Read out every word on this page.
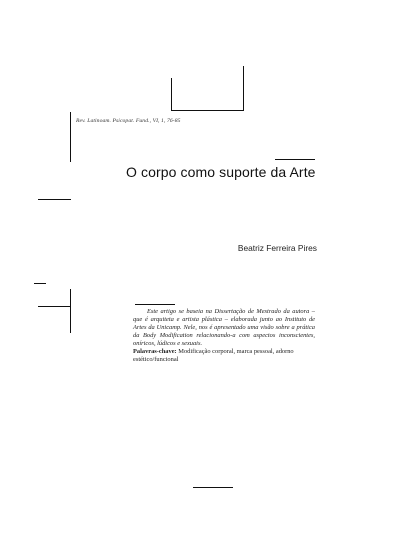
Rev. Latinoam. Psicopat. Fund., VI, 1, 76-85
O corpo como suporte da Arte
Beatriz Ferreira Pires

Este artigo se baseia na Dissertação de Mestrado da autora – que é arquiteta e artista plástica – elaborada junto ao Instituto de Artes da Unicamp. Nele, nos é apresentado uma visão sobre a prática da Body Modification relacionando-a com aspectos inconscientes, oníricos, lúdicos e sexuais.

Palavras-chave: Modificação corporal, marca pessoal, adorno estético/funcional
